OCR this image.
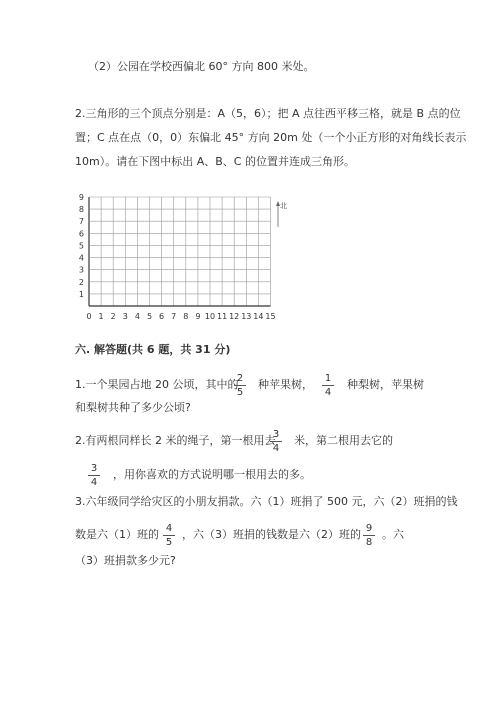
（2）公园在学校西偏北 60° 方向 800 米处。
2.三角形的三个顶点分别是：A（5，6）；把 A 点往西平移三格，就是 B 点的位
置；C 点在点（0，0）东偏北 45° 方向 20m 处（一个小正方形的对角线长表示
10m）。请在下图中标出 A、B、C 的位置并连成三角形。
0 1 2 3 4 5 6 7 8 9 10 11 12 13 14 15
1
2
3
4
5
6
7
8
9
北
六. 解答题(共 6 题，共 31 分)
1.一个果园占地 20 公顷，其中的
2
5
种苹果树， 1
4
种梨树，苹果树
和梨树共种了多少公顷?
2.有两根同样长 2 米的绳子，第一根用去
3
4
米，第二根用去它的
3
4
，用你喜欢的方式说明哪一根用去的多。
3.六年级同学给灾区的小朋友捐款。六（1）班捐了 500 元，六（2）班捐的钱
数是六（1）班的 4
5
，六（3）班捐的钱数是六（2）班的 9
8
。六
（3）班捐款多少元?
